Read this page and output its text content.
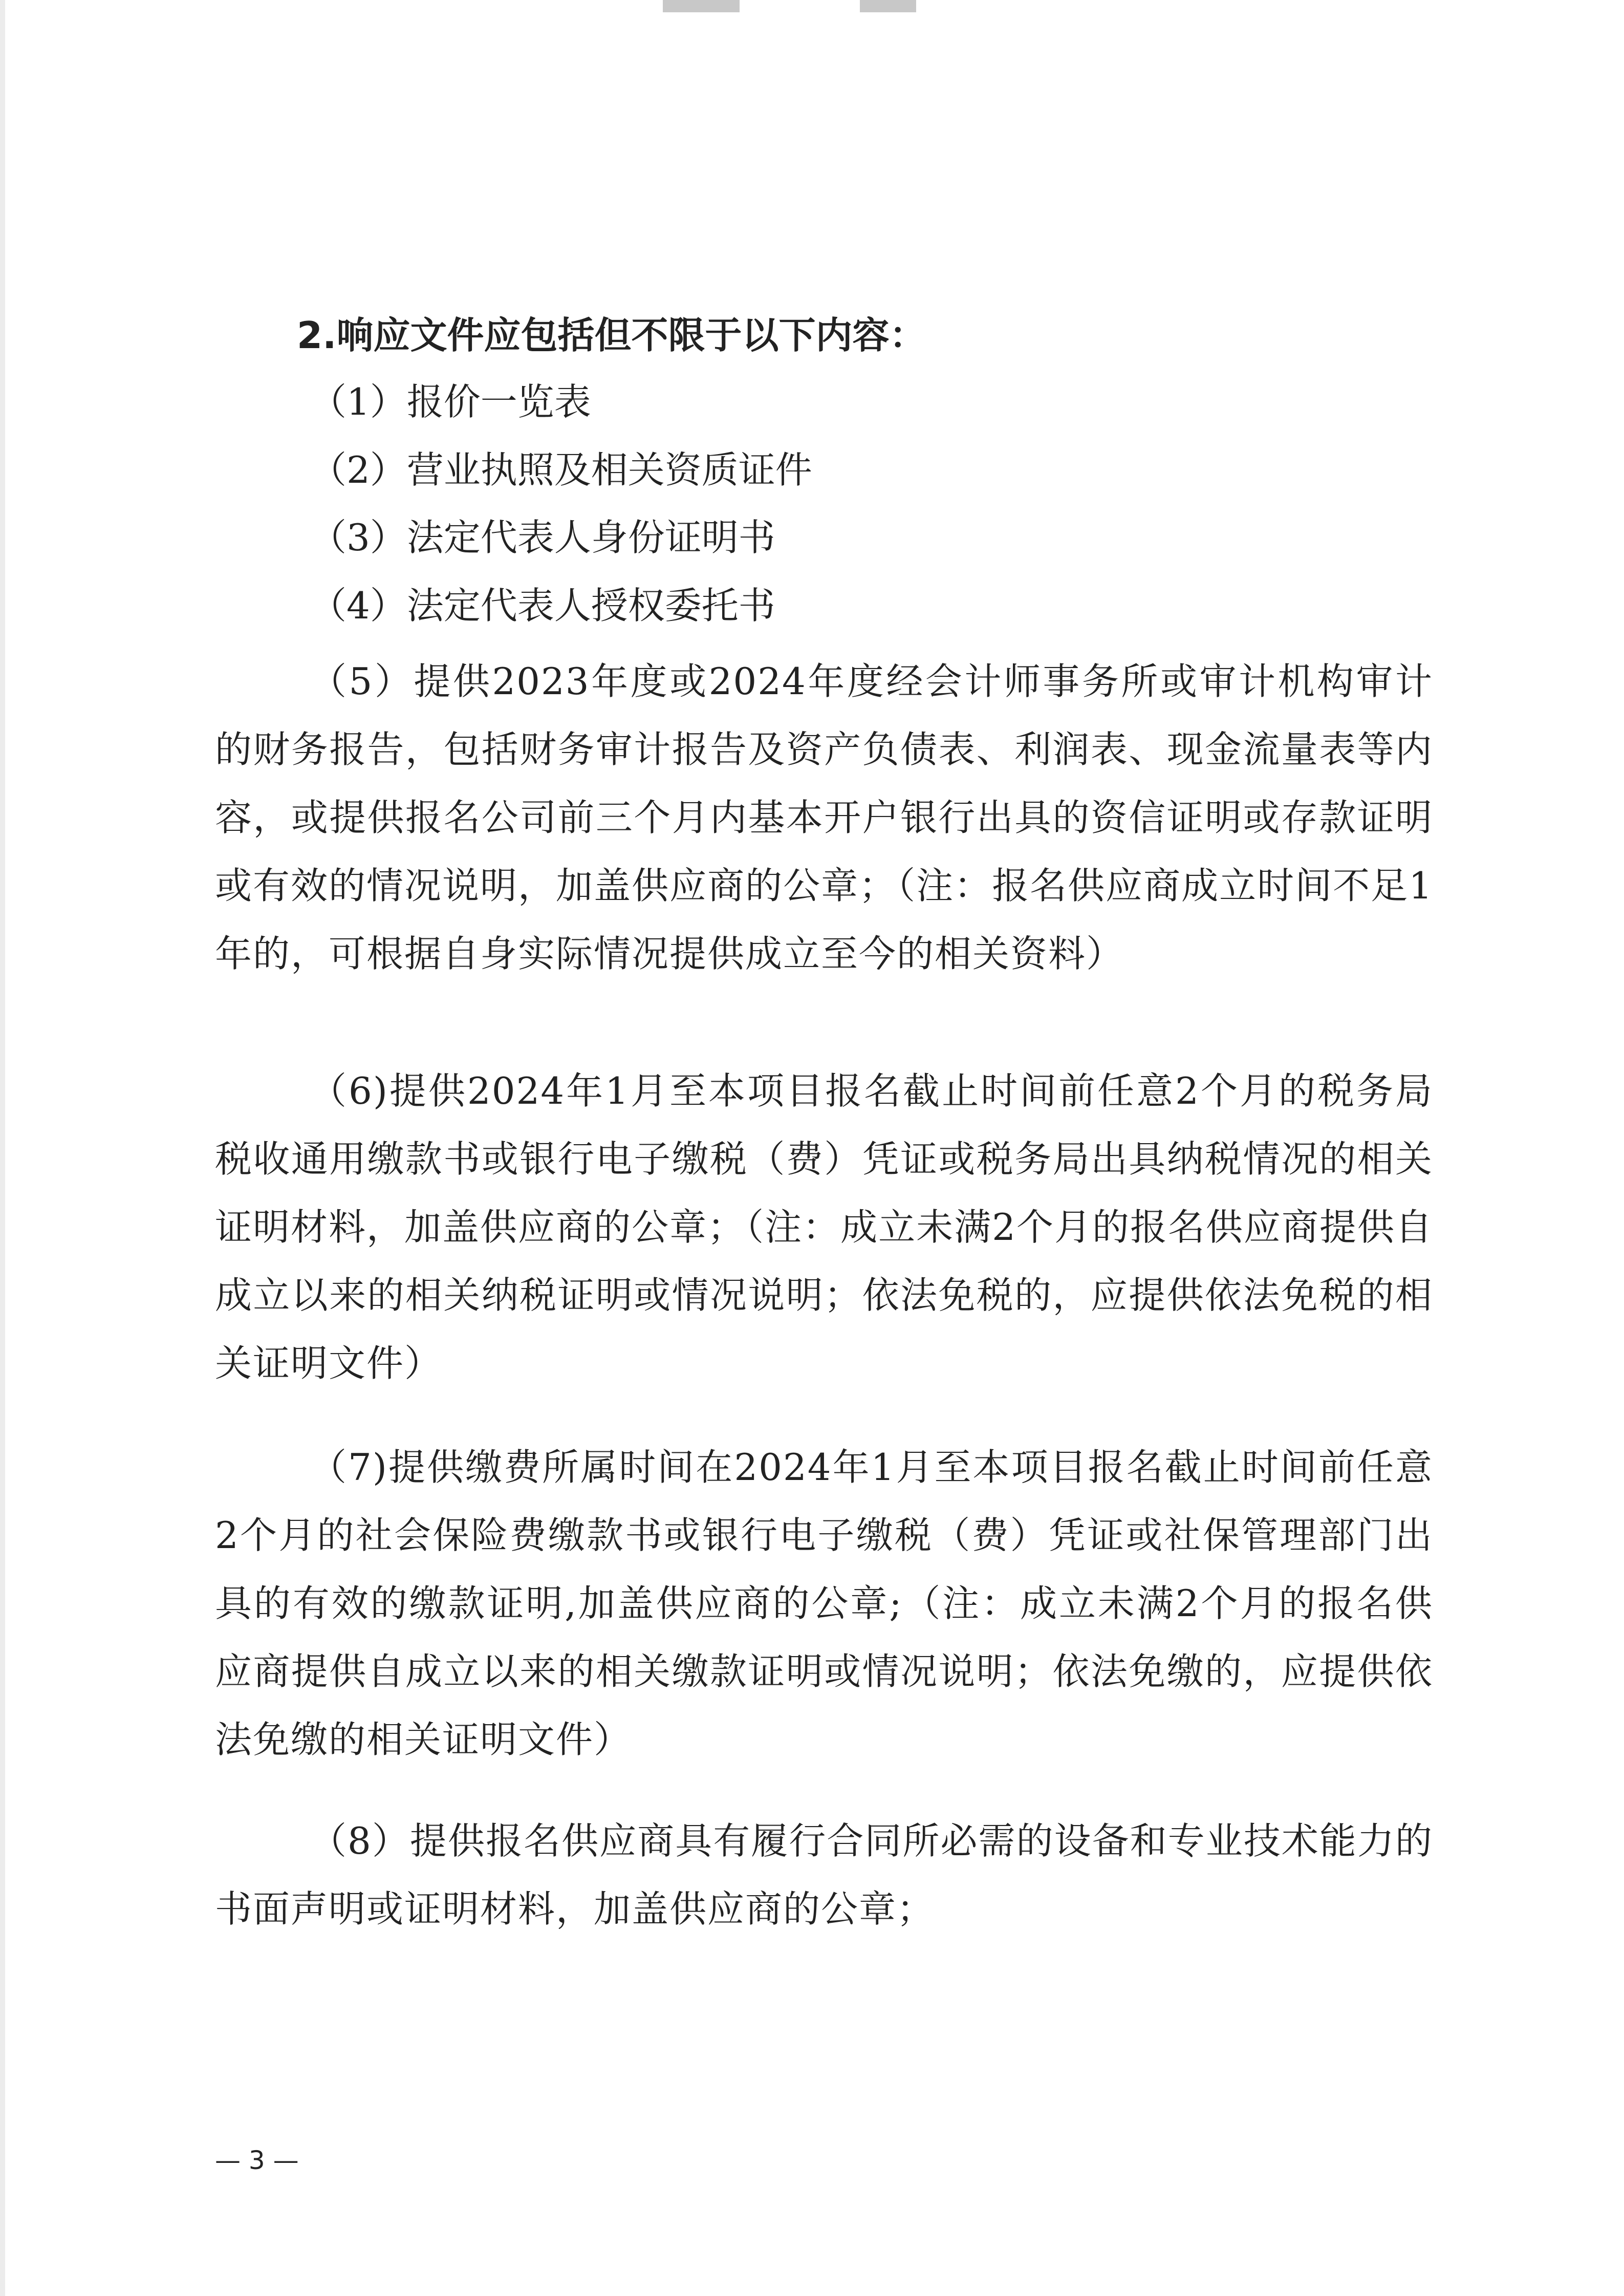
2.响应文件应包括但不限于以下内容：
（1）报价一览表
（2）营业执照及相关资质证件
（3）法定代表人身份证明书
（4）法定代表人授权委托书
（5）提供2023年度或2024年度经会计师事务所或审计机构审计的财务报告，包括财务审计报告及资产负债表、利润表、现金流量表等内容，或提供报名公司前三个月内基本开户银行出具的资信证明或存款证明或有效的情况说明，加盖供应商的公章；（注：报名供应商成立时间不足1年的，可根据自身实际情况提供成立至今的相关资料）
（6)提供2024年1月至本项目报名截止时间前任意2个月的税务局税收通用缴款书或银行电子缴税（费）凭证或税务局出具纳税情况的相关证明材料，加盖供应商的公章；（注：成立未满2个月的报名供应商提供自成立以来的相关纳税证明或情况说明；依法免税的，应提供依法免税的相关证明文件）
（7)提供缴费所属时间在2024年1月至本项目报名截止时间前任意2个月的社会保险费缴款书或银行电子缴税（费）凭证或社保管理部门出具的有效的缴款证明,加盖供应商的公章;（注：成立未满2个月的报名供应商提供自成立以来的相关缴款证明或情况说明；依法免缴的，应提供依法免缴的相关证明文件）
（8）提供报名供应商具有履行合同所必需的设备和专业技术能力的书面声明或证明材料，加盖供应商的公章；
— 3 —
